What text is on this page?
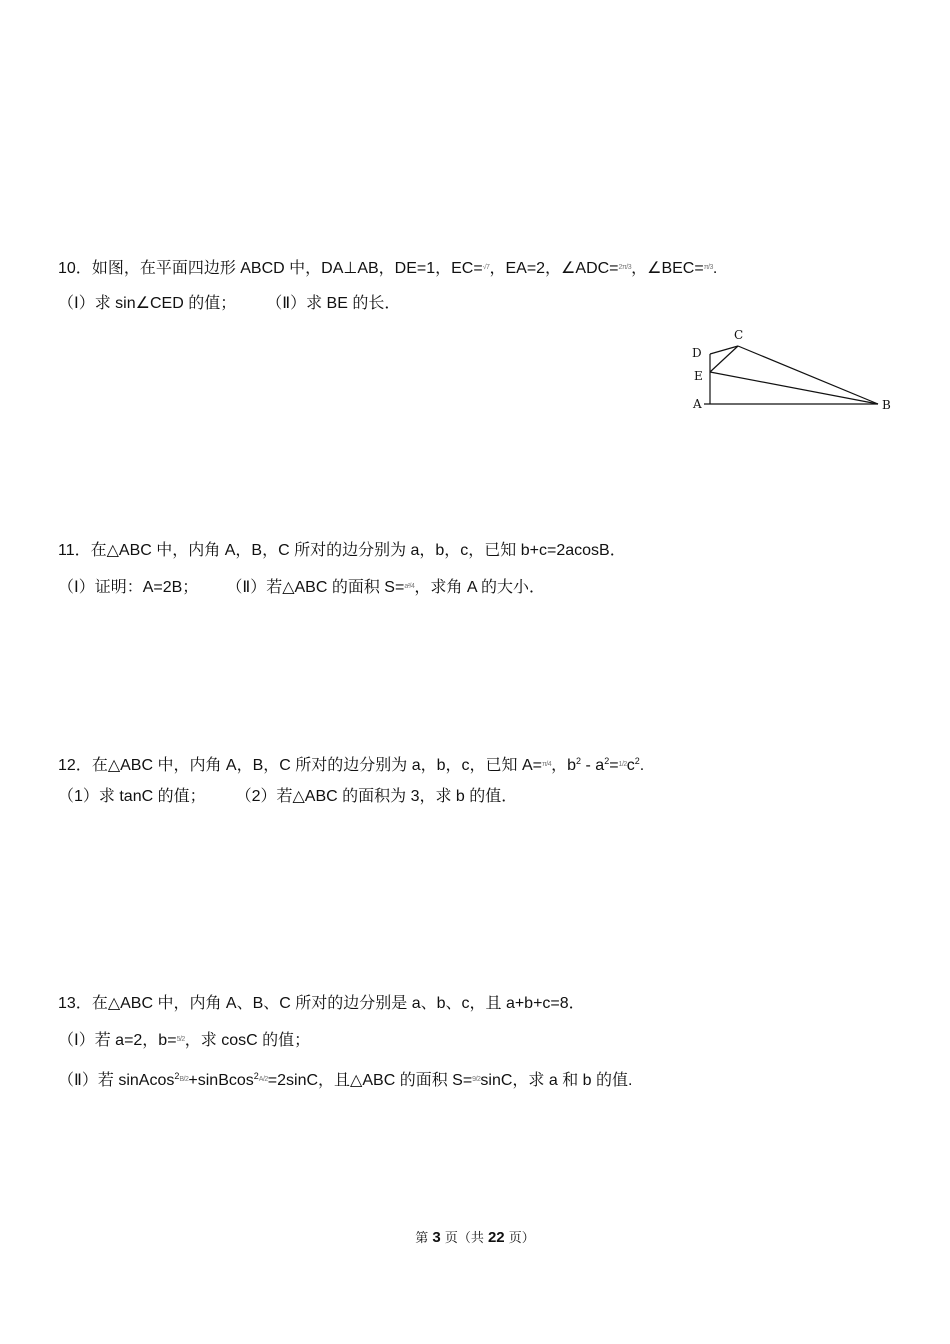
10．如图，在平面四边形 ABCD 中，DA⊥AB，DE=1，EC=$^{√7}$，EA=2，∠ADC=$^{2\pi/3}$，∠BEC=$^{\pi/3}$.
（Ⅰ）求 sin∠CED 的值； （Ⅱ）求 BE 的长．
C
D
E
A	B
11．在△ABC 中，内角 A，B，C 所对的边分别为 a，b，c，已知 b+c=2acosB．
（Ⅰ）证明：A=2B； （Ⅱ）若△ABC 的面积 S=$^{a^2/4}$，求角 A 的大小．
12．在△ABC 中，内角 A，B，C 所对的边分别为 a，b，c，已知 A=$^{\pi/4}$，$b^2 - a^2=^{1/2}c^2$.
（1）求 tanC 的值； （2）若△ABC 的面积为 3，求 b 的值．
13．在△ABC 中，内角 A、B、C 所对的边分别是 a、b、c，且 a+b+c=8．
（Ⅰ）若 a=2，b=$^{5/2}$，求 cosC 的值；
（Ⅱ）若 sinAcos$^{2B/2}$+sinBcos$^{2A/2}$=2sinC，且△ABC 的面积 S=$^{9/2}$sinC，求 a 和 b 的值.
第 3 页（共 22 页）
